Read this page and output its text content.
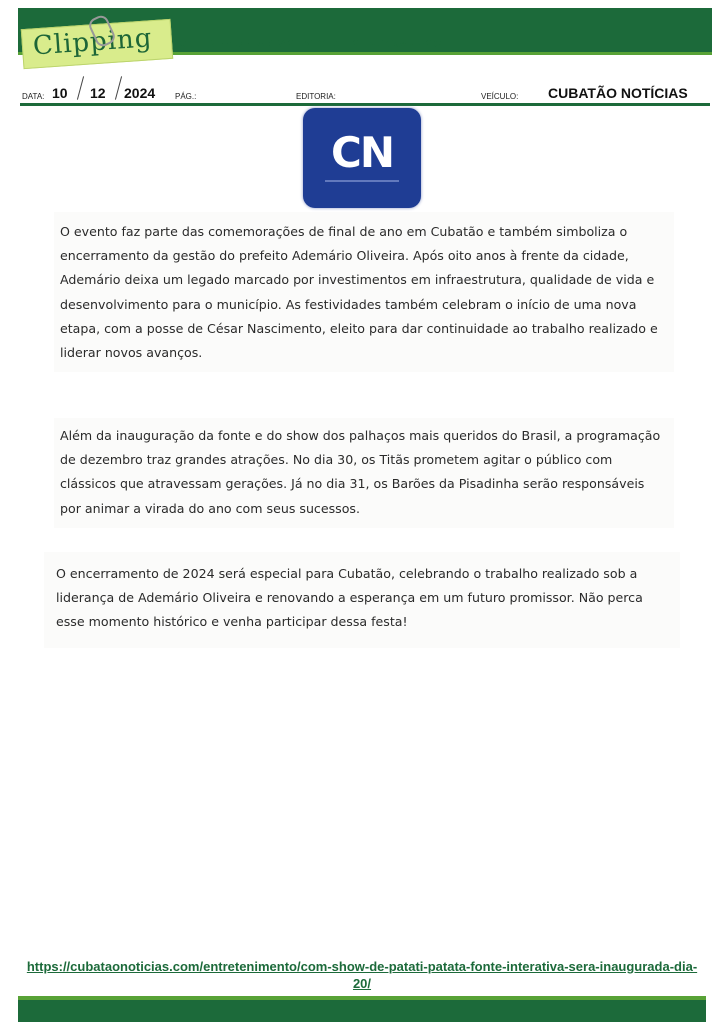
Clipping	ON-LINE • DEPARTAMENTO DE IMPRENSA • PMC
DATA: 10 12 2024 PÁG.:	EDITORIA:	VEÍCULO: CUBATÃO NOTÍCIAS
CN

O evento faz parte das comemorações de final de ano em Cubatão e também simboliza o encerramento da gestão do prefeito Ademário Oliveira. Após oito anos à frente da cidade, Ademário deixa um legado marcado por investimentos em infraestrutura, qualidade de vida e desenvolvimento para o município. As festividades também celebram o início de uma nova etapa, com a posse de César Nascimento, eleito para dar continuidade ao trabalho realizado e liderar novos avanços.

Além da inauguração da fonte e do show dos palhaços mais queridos do Brasil, a programação de dezembro traz grandes atrações. No dia 30, os Titãs prometem agitar o público com clássicos que atravessam gerações. Já no dia 31, os Barões da Pisadinha serão responsáveis por animar a virada do ano com seus sucessos.

O encerramento de 2024 será especial para Cubatão, celebrando o trabalho realizado sob a liderança de Ademário Oliveira e renovando a esperança em um futuro promissor. Não perca esse momento histórico e venha participar dessa festa!

https://cubataonoticias.com/entretenimento/com-show-de-patati-patata-fonte-interativa-sera-inaugurada-dia-20/
